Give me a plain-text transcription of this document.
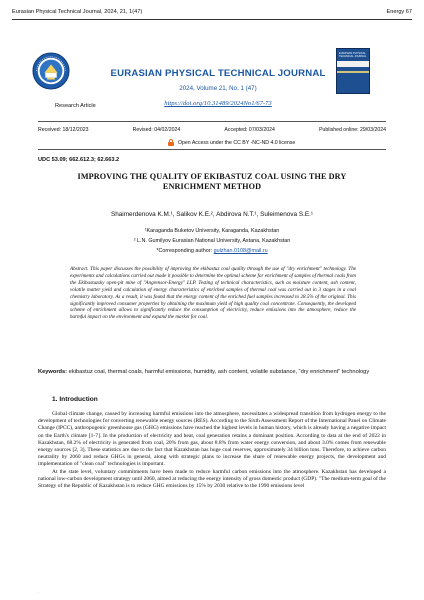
Eurasian Physical Technical Journal, 2024, 21, 1(47)	Energy 67
EURASIAN PHYSICAL TECHNICAL JOURNAL
EURASIAN PHYSICAL TECHNICAL JOURNAL
2024, Volume 21, No. 1 (47)
https://doi.org/10.31489/2024No1/67-73
Research Article
Received: 18/12/2023	Revised: 04/02/2024	Accepted: 07/03/2024	Published online: 29/03/2024
Open Access under the CC BY -NC-ND 4.0 license
UDC 53.09; 662.612.3; 62.663.2
IMPROVING THE QUALITY OF EKIBASTUZ COAL USING THE DRY ENRICHMENT METHOD
Shaimerdenova K.M.¹, Salikov K.E.², Abdirova N.T.¹, Suleimenova S.E.¹
¹Karaganda Buketov University, Karaganda, Kazakhstan
² L.N. Gumilyov Eurasian National University, Astana, Kazakhstan
*Corresponding author: gulzhan.0108@mail.ru
Abstract. This paper discusses the possibility of improving the ekibastuz coal quality through the use of "dry enrichment" technology. The experiments and calculations carried out made it possible to determine the optimal scheme for enrichment of samples of thermal coals from the Ekibastuzsky open-pit mine of "Angrensor-Energy" LLP. Testing of technical characteristics, such as moisture content, ash content, volatile matter yield and calculation of energy characteristics of enriched samples of thermal coal was carried out in 3 stages in a coal chemistry laboratory. As a result, it was found that the energy content of the enriched fuel samples increased to 28.5% of the original. This significantly improved consumer properties by obtaining the maximum yield of high quality coal concentrate. Consequently, the developed scheme of enrichment allows to significantly reduce the consumption of electricity, reduce emissions into the atmosphere, reduce the harmful impact on the environment and expand the market for coal.
Keywords: ekibastuz coal, thermal coals, harmful emissions, humidity, ash content, volatile substance, “dry enrichment” technology
1. Introduction

Global climate change, caused by increasing harmful emissions into the atmosphere, necessitates a widespread transition from hydrogen energy to the development of technologies for converting renewable energy sources (RES). According to the Sixth Assessment Report of the International Panel on Climate Change (IPCC), anthropogenic greenhouse gas (GHG) emissions have reached the highest levels in human history, which is already having a negative impact on the Earth's climate [1-7]. In the production of electricity and heat, coal generation retains a dominant position. According to data at the end of 2022 in Kazakhstan, 68.2% of electricity is generated from coal, 20% from gas, about 8.8% from water energy conversion, and about 3.0% comes from renewable energy sources [2, 3]. These statistics are due to the fact that Kazakhstan has huge coal reserves, approximately 34 billion tons. Therefore, to achieve carbon neutrality by 2060 and reduce GHGs in general, along with strategic plans to increase the share of renewable energy projects, the development and implementation of "clean coal" technologies is important.

At the state level, voluntary commitments have been made to reduce harmful carbon emissions into the atmosphere. Kazakhstan has developed a national low-carbon development strategy until 2060, aimed at reducing the energy intensity of gross domestic product (GDP). "The medium-term goal of the Strategy of the Republic of Kazakhstan is to reduce GHG emissions by 15% by 2030 relative to the 1990 emissions level

·
